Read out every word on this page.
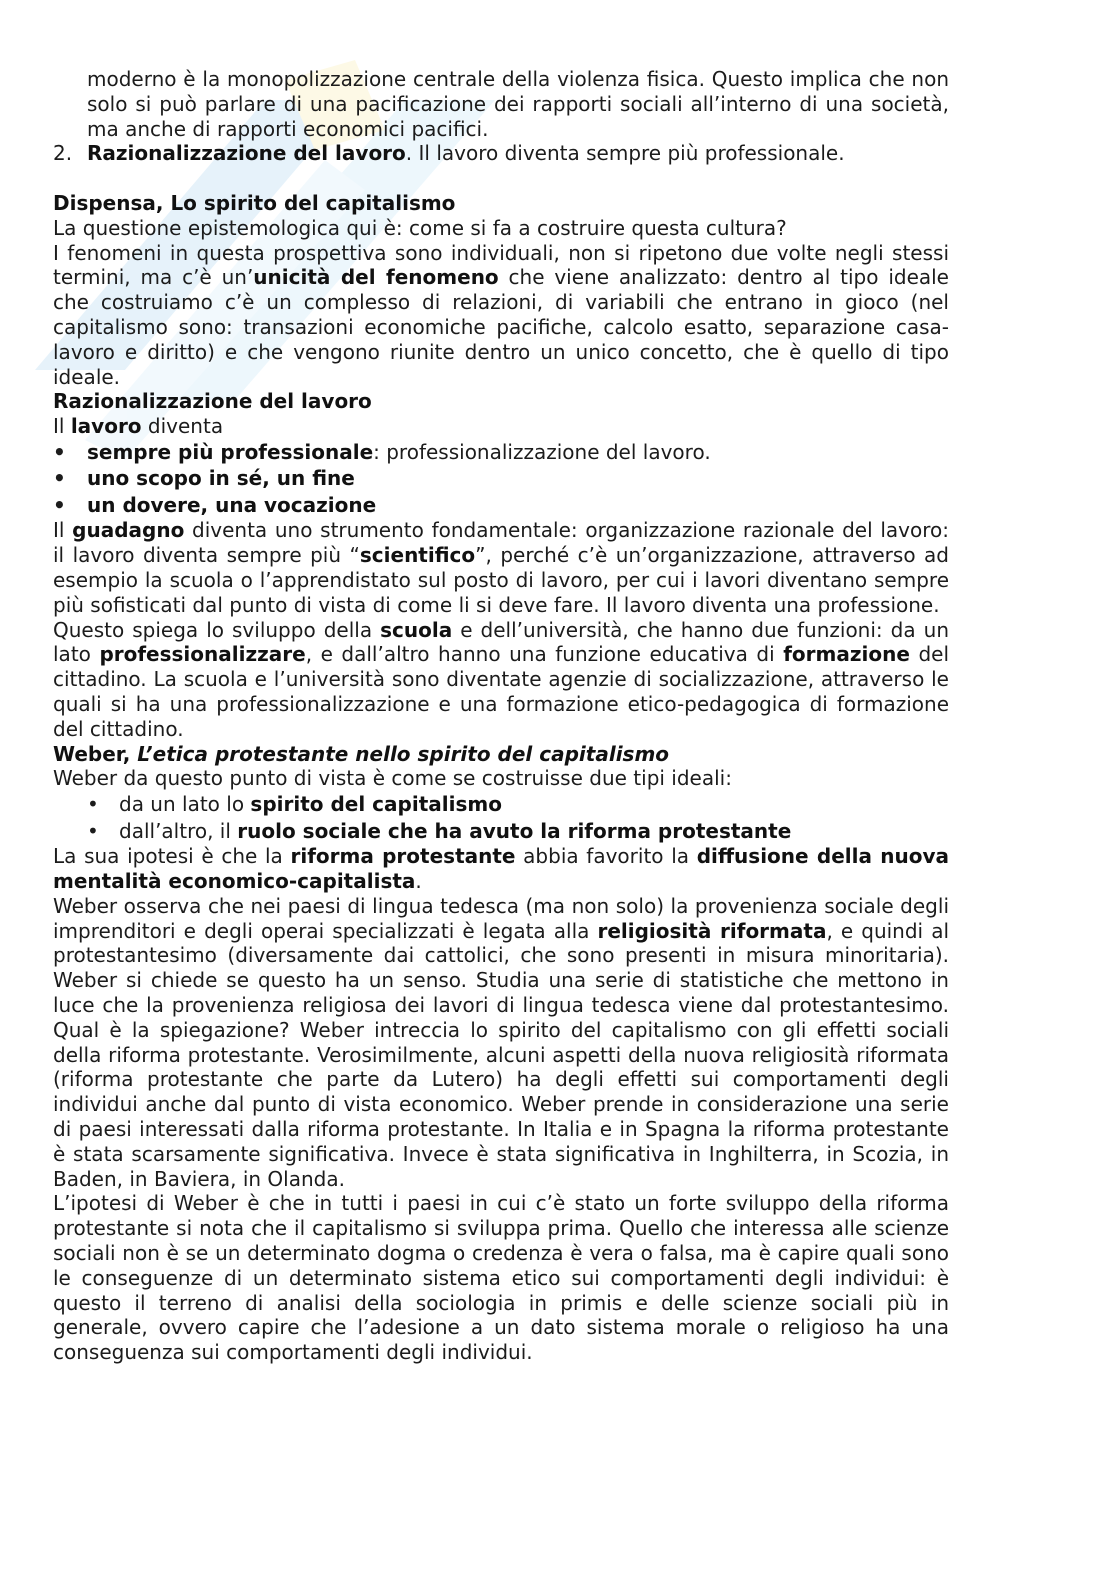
moderno è la monopolizzazione centrale della violenza fisica. Questo implica che non solo si può parlare di una pacificazione dei rapporti sociali all’interno di una società, ma anche di rapporti economici pacifici.

2. Razionalizzazione del lavoro. Il lavoro diventa sempre più professionale.

Dispensa, Lo spirito del capitalismo

La questione epistemologica qui è: come si fa a costruire questa cultura?

I fenomeni in questa prospettiva sono individuali, non si ripetono due volte negli stessi termini, ma c’è un’unicità del fenomeno che viene analizzato: dentro al tipo ideale che costruiamo c’è un complesso di relazioni, di variabili che entrano in gioco (nel capitalismo sono: transazioni economiche pacifiche, calcolo esatto, separazione casa-lavoro e diritto) e che vengono riunite dentro un unico concetto, che è quello di tipo ideale.

Razionalizzazione del lavoro

Il lavoro diventa

• sempre più professionale: professionalizzazione del lavoro.
• uno scopo in sé, un fine
• un dovere, una vocazione

Il guadagno diventa uno strumento fondamentale: organizzazione razionale del lavoro: il lavoro diventa sempre più “scientifico”, perché c’è un’organizzazione, attraverso ad esempio la scuola o l’apprendistato sul posto di lavoro, per cui i lavori diventano sempre più sofisticati dal punto di vista di come li si deve fare. Il lavoro diventa una professione.

Questo spiega lo sviluppo della scuola e dell’università, che hanno due funzioni: da un lato professionalizzare, e dall’altro hanno una funzione educativa di formazione del cittadino. La scuola e l’università sono diventate agenzie di socializzazione, attraverso le quali si ha una professionalizzazione e una formazione etico-pedagogica di formazione del cittadino.

Weber, L’etica protestante nello spirito del capitalismo

Weber da questo punto di vista è come se costruisse due tipi ideali:

• da un lato lo spirito del capitalismo
• dall’altro, il ruolo sociale che ha avuto la riforma protestante

La sua ipotesi è che la riforma protestante abbia favorito la diffusione della nuova mentalità economico-capitalista.

Weber osserva che nei paesi di lingua tedesca (ma non solo) la provenienza sociale degli imprenditori e degli operai specializzati è legata alla religiosità riformata, e quindi al protestantesimo (diversamente dai cattolici, che sono presenti in misura minoritaria). Weber si chiede se questo ha un senso. Studia una serie di statistiche che mettono in luce che la provenienza religiosa dei lavori di lingua tedesca viene dal protestantesimo. Qual è la spiegazione? Weber intreccia lo spirito del capitalismo con gli effetti sociali della riforma protestante. Verosimilmente, alcuni aspetti della nuova religiosità riformata (riforma protestante che parte da Lutero) ha degli effetti sui comportamenti degli individui anche dal punto di vista economico. Weber prende in considerazione una serie di paesi interessati dalla riforma protestante. In Italia e in Spagna la riforma protestante è stata scarsamente significativa. Invece è stata significativa in Inghilterra, in Scozia, in Baden, in Baviera, in Olanda.

L’ipotesi di Weber è che in tutti i paesi in cui c’è stato un forte sviluppo della riforma protestante si nota che il capitalismo si sviluppa prima. Quello che interessa alle scienze sociali non è se un determinato dogma o credenza è vera o falsa, ma è capire quali sono le conseguenze di un determinato sistema etico sui comportamenti degli individui: è questo il terreno di analisi della sociologia in primis e delle scienze sociali più in generale, ovvero capire che l’adesione a un dato sistema morale o religioso ha una conseguenza sui comportamenti degli individui.
